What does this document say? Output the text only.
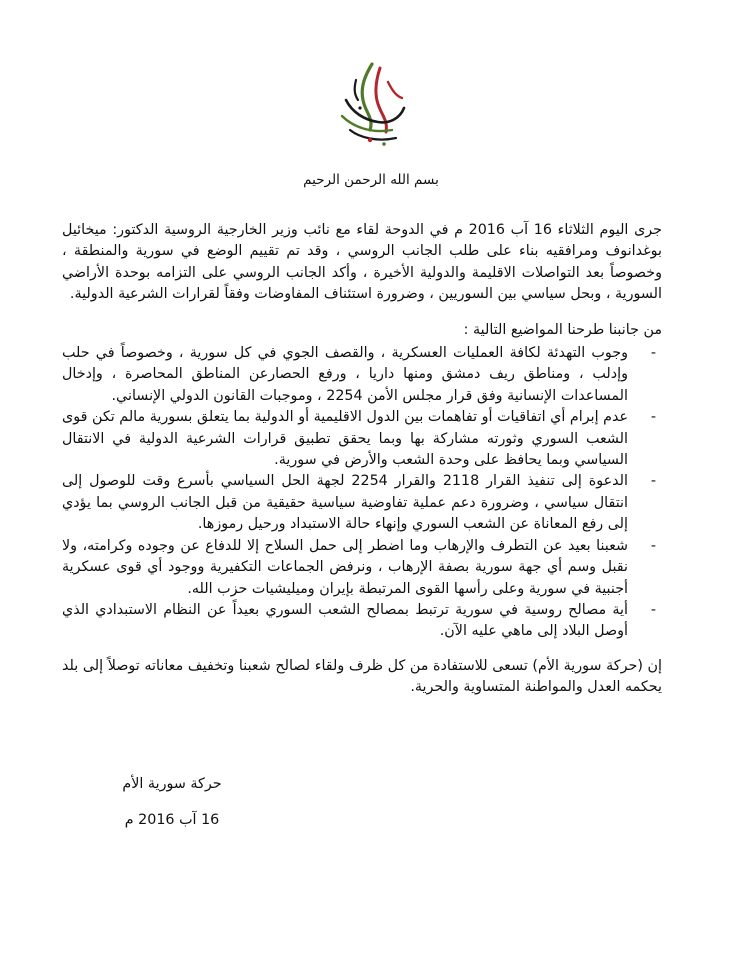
بسم الله الرحمن الرحيم

جرى اليوم الثلاثاء 16 آب 2016 م في الدوحة لقاء مع نائب وزير الخارجية الروسية الدكتور: ميخائيل بوغدانوف ومرافقيه بناء على طلب الجانب الروسي ، وقد تم تقييم الوضع في سورية والمنطقة ، وخصوصاً بعد التواصلات الاقليمة والدولية الأخيرة ، وأكد الجانب الروسي على التزامه بوحدة الأراضي السورية ، وبحل سياسي بين السوريين ، وضرورة استئناف المفاوضات وفقاً لقرارات الشرعية الدولية.

من جانبنا طرحنا المواضيع التالية :

-
وجوب التهدئة لكافة العمليات العسكرية ، والقصف الجوي في كل سورية ، وخصوصاً في حلب وإدلب ، ومناطق ريف دمشق ومنها داريا ، ورفع الحصارعن المناطق المحاصرة ، وإدخال المساعدات الإنسانية وفق قرار مجلس الأمن 2254 ، وموجبات القانون الدولي الإنساني.
-
عدم إبرام أي اتفاقيات أو تفاهمات بين الدول الاقليمية أو الدولية بما يتعلق بسورية مالم تكن قوى الشعب السوري وثورته مشاركة بها وبما يحقق تطبيق قرارات الشرعية الدولية في الانتقال السياسي وبما يحافظ على وحدة الشعب والأرض في سورية.
-
الدعوة إلى تنفيذ القرار 2118 والقرار 2254 لجهة الحل السياسي بأسرع وقت للوصول إلى انتقال سياسي ، وضرورة دعم عملية تفاوضية سياسية حقيقية من قبل الجانب الروسي بما يؤدي إلى رفع المعاناة عن الشعب السوري وإنهاء حالة الاستبداد ورحيل رموزها.
-
شعبنا بعيد عن التطرف والإرهاب وما اضطر إلى حمل السلاح إلا للدفاع عن وجوده وكرامته، ولا نقبل وسم أي جهة سورية بصفة الإرهاب ، ونرفض الجماعات التكفيرية ووجود أي قوى عسكرية أجنبية في سورية وعلى رأسها القوى المرتبطة بإيران وميليشيات حزب الله.
-
أية مصالح روسية في سورية ترتبط بمصالح الشعب السوري بعيداً عن النظام الاستبدادي الذي أوصل البلاد إلى ماهي عليه الآن.

إن (حركة سورية الأم) تسعى للاستفادة من كل ظرف ولقاء لصالح شعبنا وتخفيف معاناته توصلاً إلى بلد يحكمه العدل والمواطنة المتساوية والحرية.

حركة سورية الأم
16 آب 2016 م
